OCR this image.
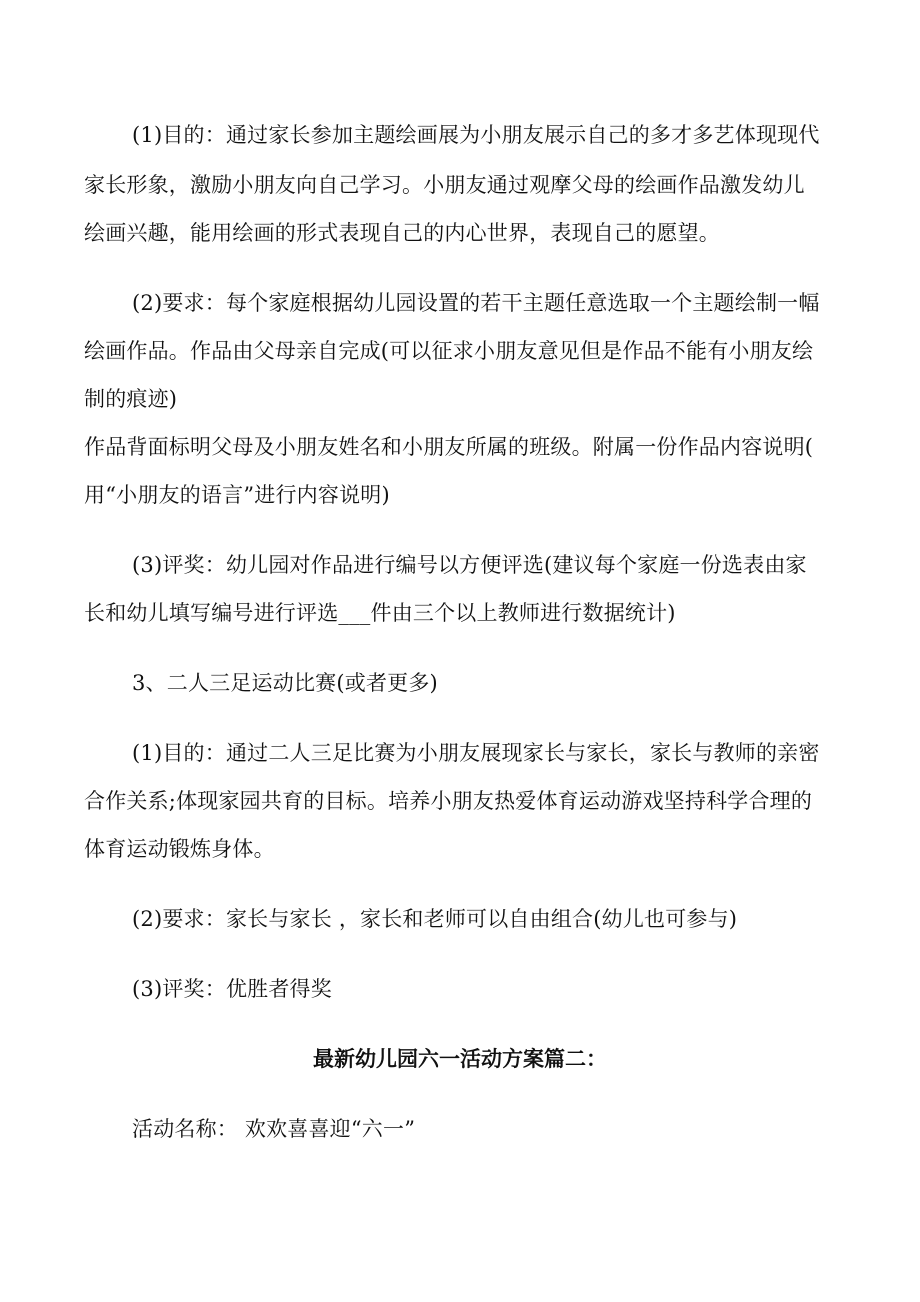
(1)目的：通过家长参加主题绘画展为小朋友展示自己的多才多艺体现现代
家长形象，激励小朋友向自己学习。小朋友通过观摩父母的绘画作品激发幼儿
绘画兴趣，能用绘画的形式表现自己的内心世界，表现自己的愿望。
(2)要求：每个家庭根据幼儿园设置的若干主题任意选取一个主题绘制一幅
绘画作品。作品由父母亲自完成(可以征求小朋友意见但是作品不能有小朋友绘
制的痕迹)
作品背面标明父母及小朋友姓名和小朋友所属的班级。附属一份作品内容说明(
用“小朋友的语言”进行内容说明)
(3)评奖：幼儿园对作品进行编号以方便评选(建议每个家庭一份选表由家
长和幼儿填写编号进行评选___件由三个以上教师进行数据统计)
3、二人三足运动比赛(或者更多)
(1)目的：通过二人三足比赛为小朋友展现家长与家长，家长与教师的亲密
合作关系;体现家园共育的目标。培养小朋友热爱体育运动游戏坚持科学合理的
体育运动锻炼身体。
(2)要求：家长与家长 ，家长和老师可以自由组合(幼儿也可参与)
(3)评奖：优胜者得奖
最新幼儿园六一活动方案篇二：
活动名称： 欢欢喜喜迎“六一”
